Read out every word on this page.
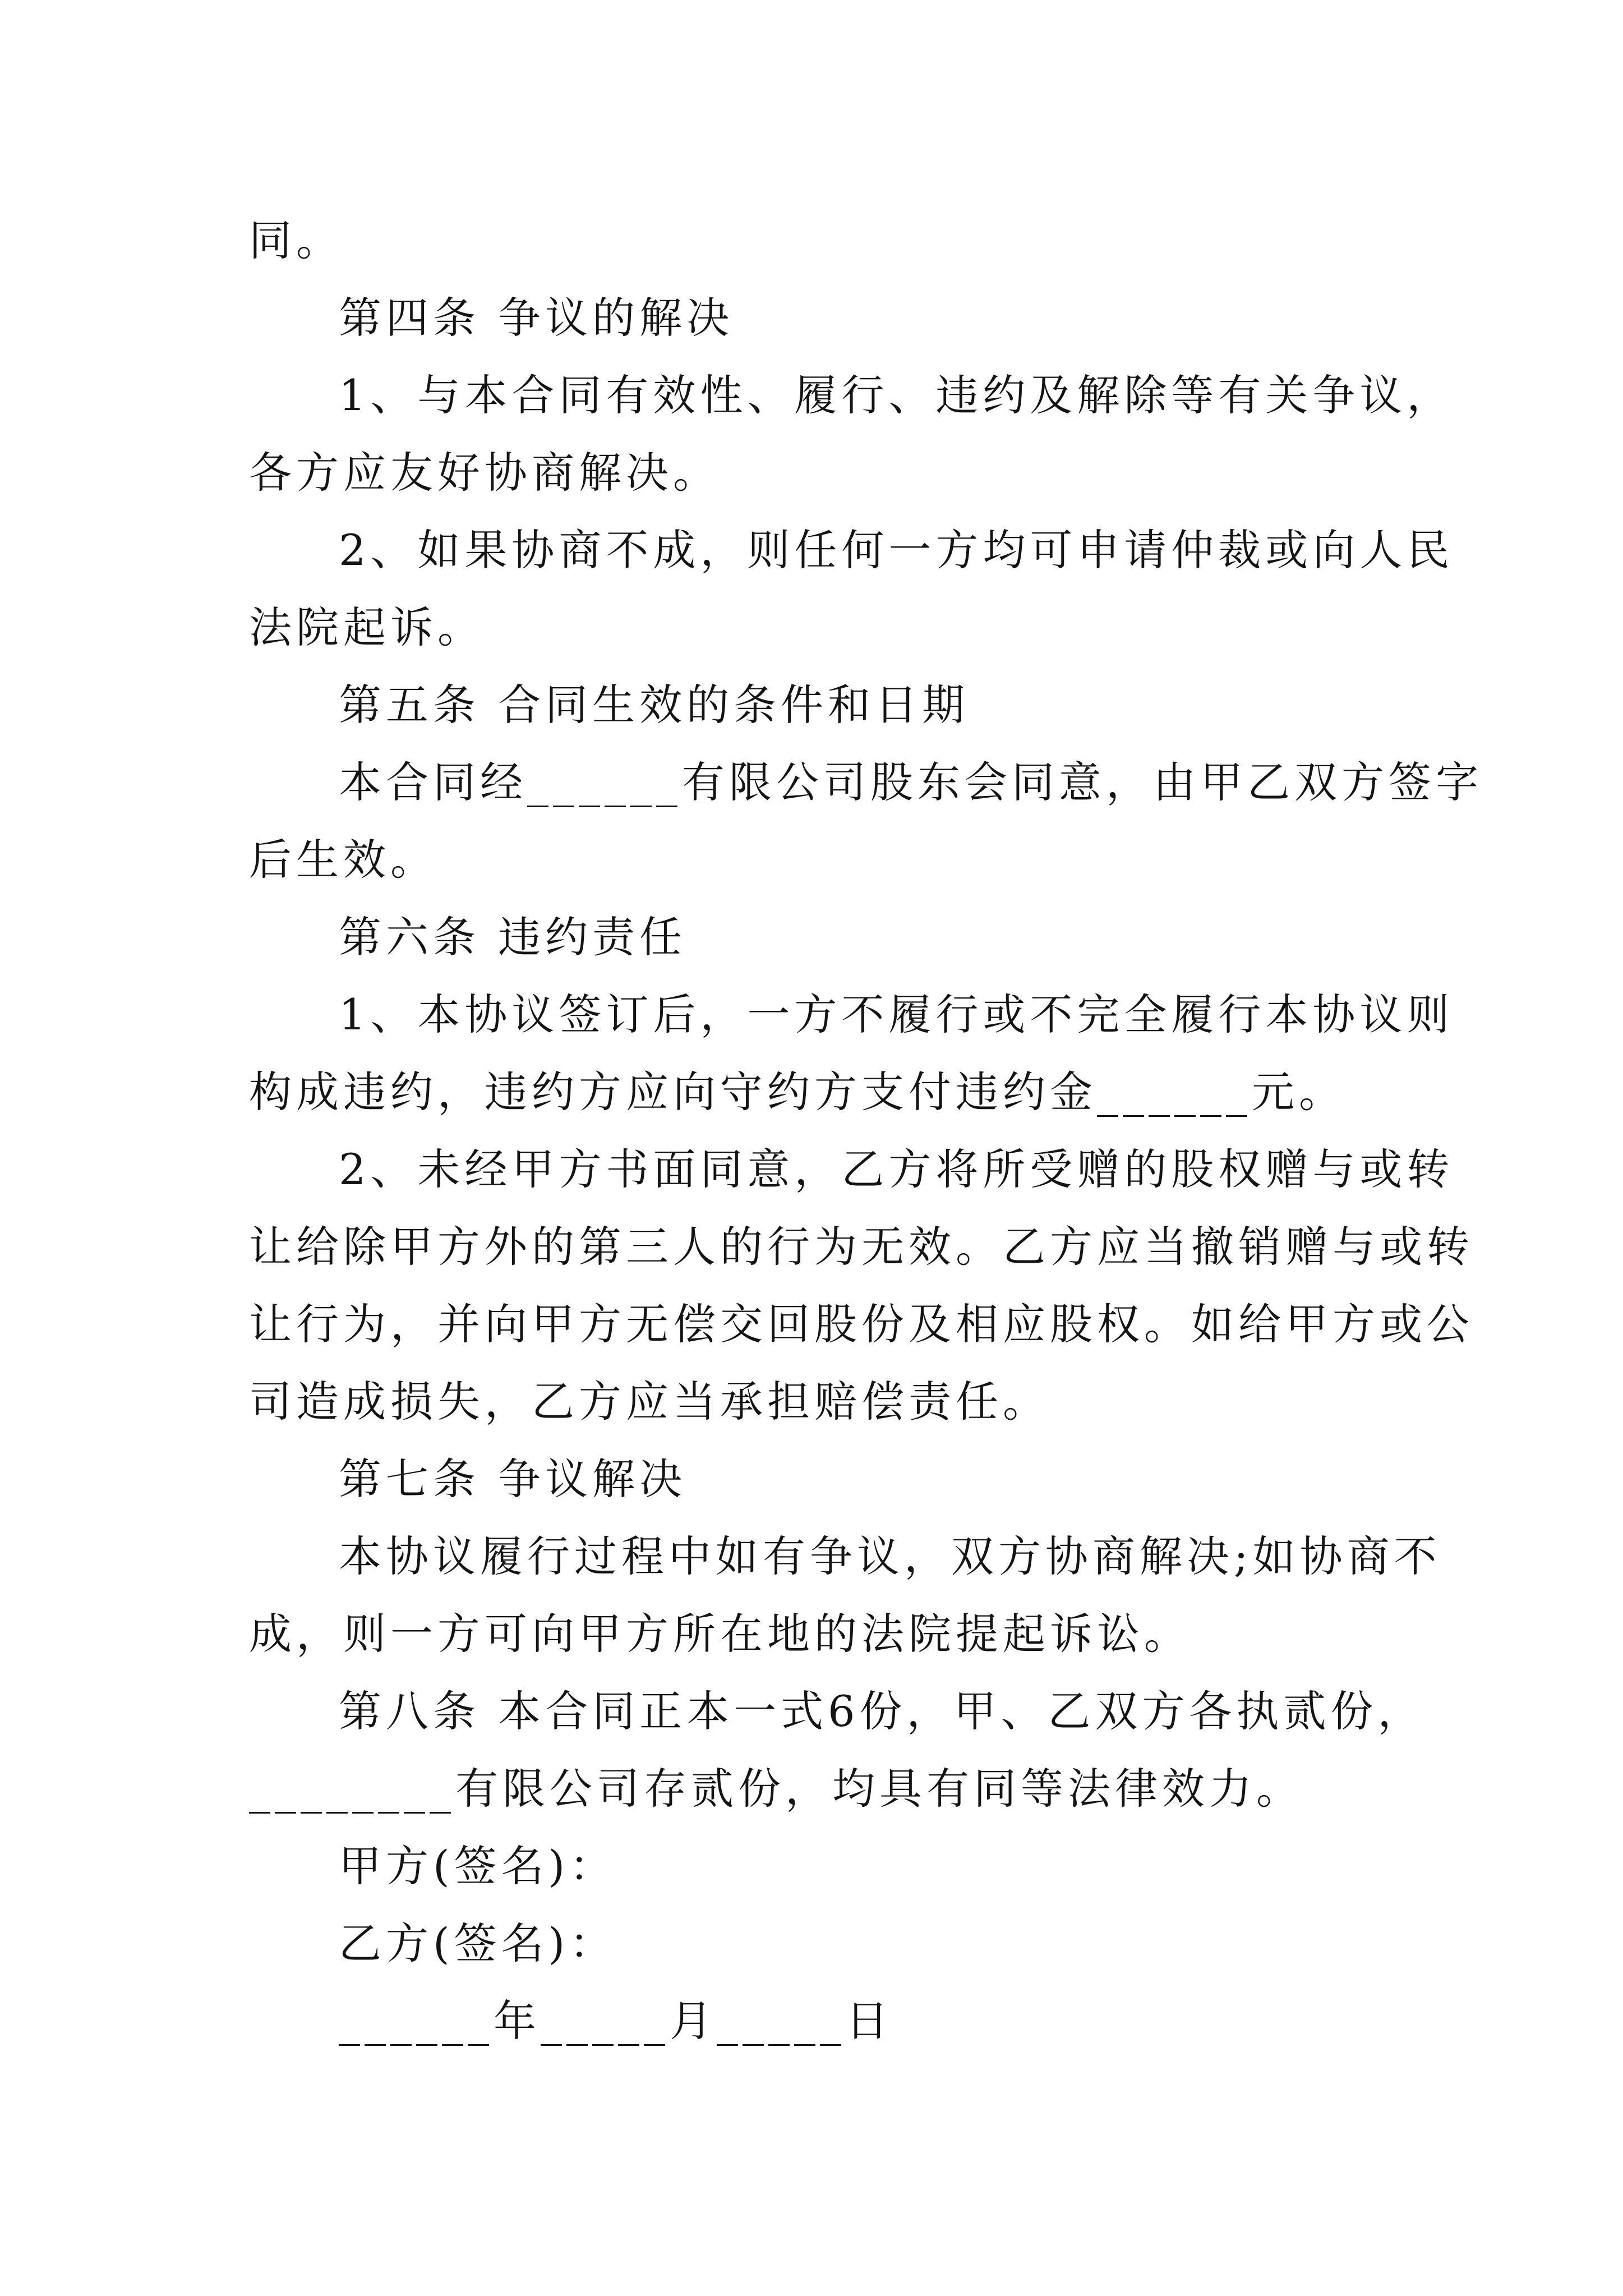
同。
第四条 争议的解决
1、与本合同有效性、履行、违约及解除等有关争议，
各方应友好协商解决。
2、如果协商不成，则任何一方均可申请仲裁或向人民
法院起诉。
第五条 合同生效的条件和日期
本合同经______有限公司股东会同意，由甲乙双方签字
后生效。
第六条 违约责任
1、本协议签订后，一方不履行或不完全履行本协议则
构成违约，违约方应向守约方支付违约金______元。
2、未经甲方书面同意，乙方将所受赠的股权赠与或转
让给除甲方外的第三人的行为无效。乙方应当撤销赠与或转
让行为，并向甲方无偿交回股份及相应股权。如给甲方或公
司造成损失，乙方应当承担赔偿责任。
第七条 争议解决
本协议履行过程中如有争议，双方协商解决;如协商不
成，则一方可向甲方所在地的法院提起诉讼。
第八条 本合同正本一式6份，甲、乙双方各执贰份，
________有限公司存贰份，均具有同等法律效力。
甲方(签名)：
乙方(签名)：
______年_____月_____日
